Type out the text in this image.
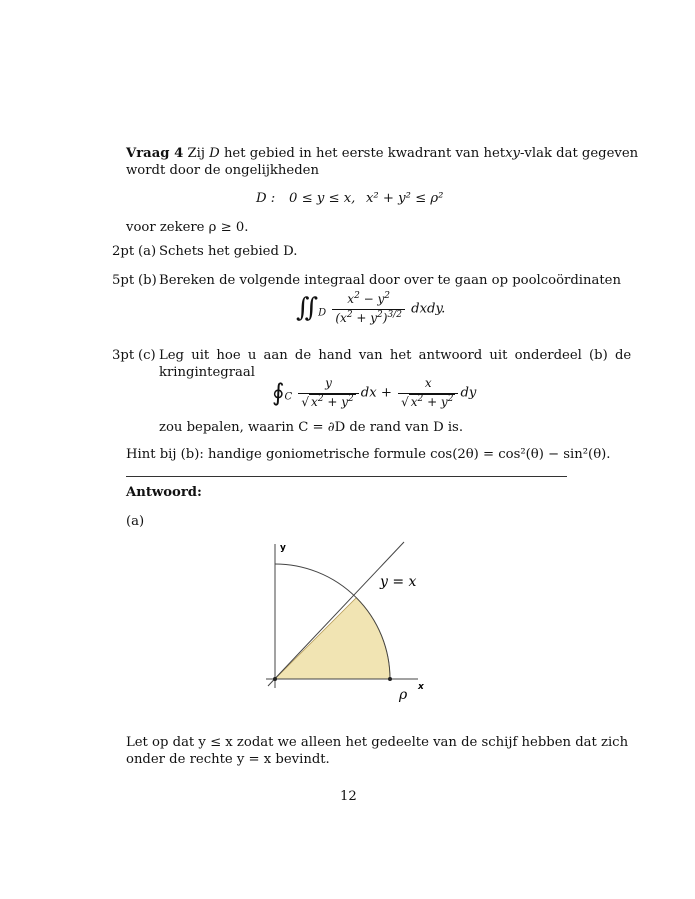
Vraag 4 Zij D het gebied in het eerste kwadrant van hetxy-vlak dat gegeven
wordt door de ongelijkheden
D : 0 ≤ y ≤ x, x² + y² ≤ ρ²
voor zekere ρ ≥ 0.
2pt (a) Schets het gebied D.
5pt (b) Bereken de volgende integraal door over te gaan op poolcoördinaten
$∬_D \frac{x^2 - y^2}{(x^2 + y^2)^{3/2}}$ dxdy.
3pt (c) Leg uit hoe u aan de hand van het antwoord uit onderdeel (b) de
kringintegraal
$∮_C \frac{y}{√ x^2 + y^2}$ dx + $\frac{x}{√ x^2 + y^2}$ dy
zou bepalen, waarin C = ∂D de rand van D is.
Hint bij (b): handige goniometrische formule cos(2θ) = cos²(θ) − sin²(θ).
Antwoord:
(a)
y
x
y = x
ρ
Let op dat y ≤ x zodat we alleen het gedeelte van de schijf hebben dat zich
onder de rechte y = x bevindt.
12
